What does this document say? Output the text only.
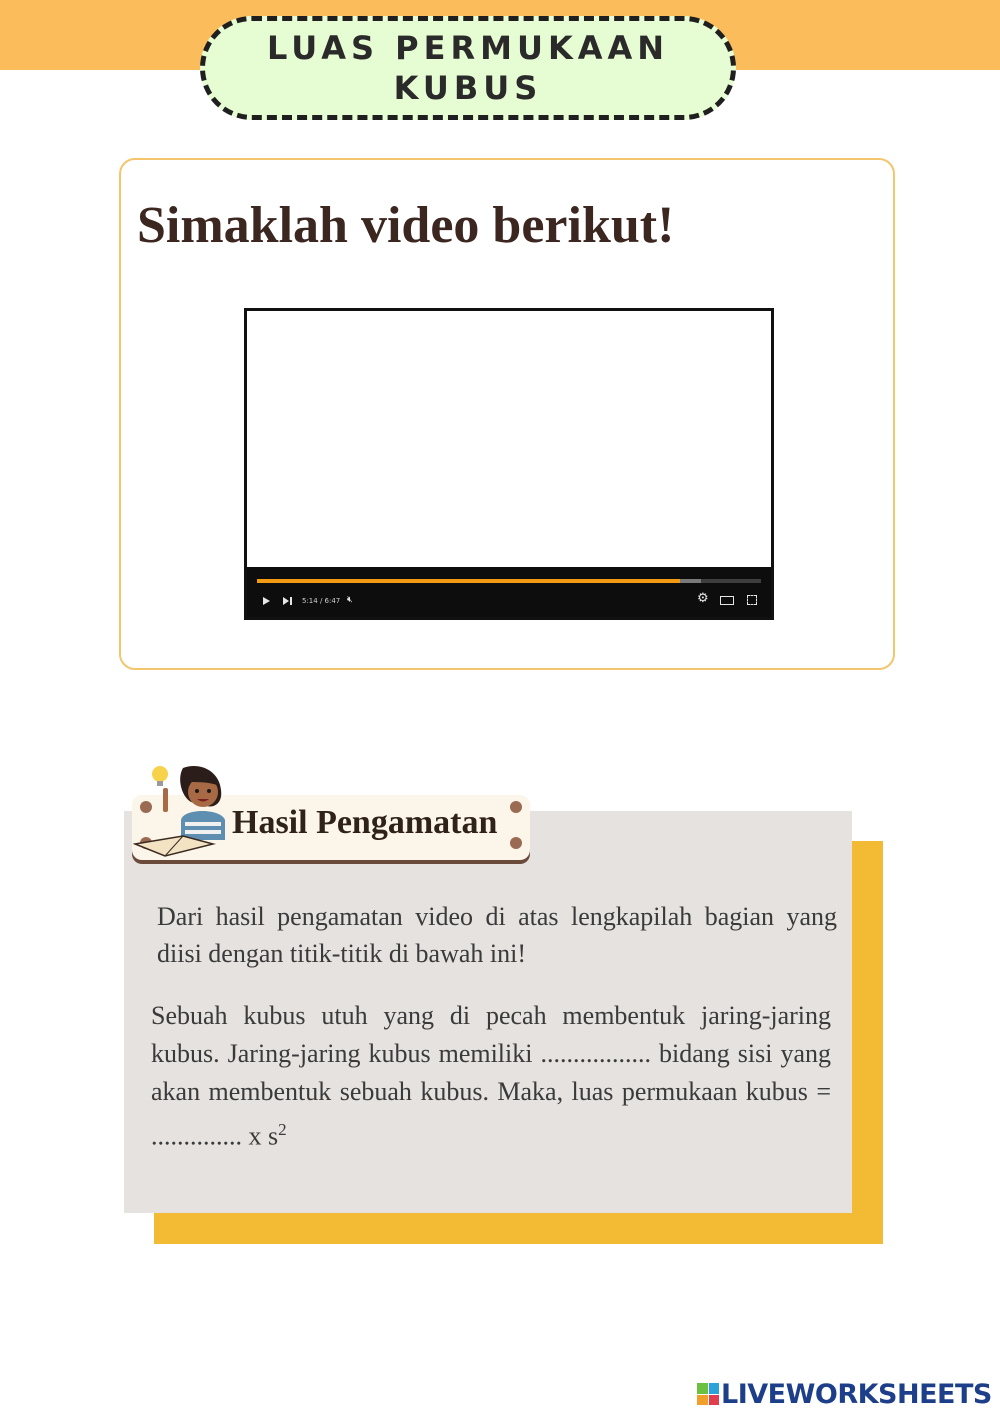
LUAS PERMUKAAN
KUBUS
Simaklah video berikut!
5:14 / 6:47 🔇︎	⚙︎
Hasil Pengamatan

Dari hasil pengamatan video di atas lengkapilah bagian yang diisi dengan titik-titik di bawah ini!

Sebuah kubus utuh yang di pecah membentuk jaring-jaring kubus. Jaring-jaring kubus memiliki ................. bidang sisi yang akan membentuk sebuah kubus. Maka, luas permukaan kubus = .............. x $s^2$

LIVEWORKSHEETS
